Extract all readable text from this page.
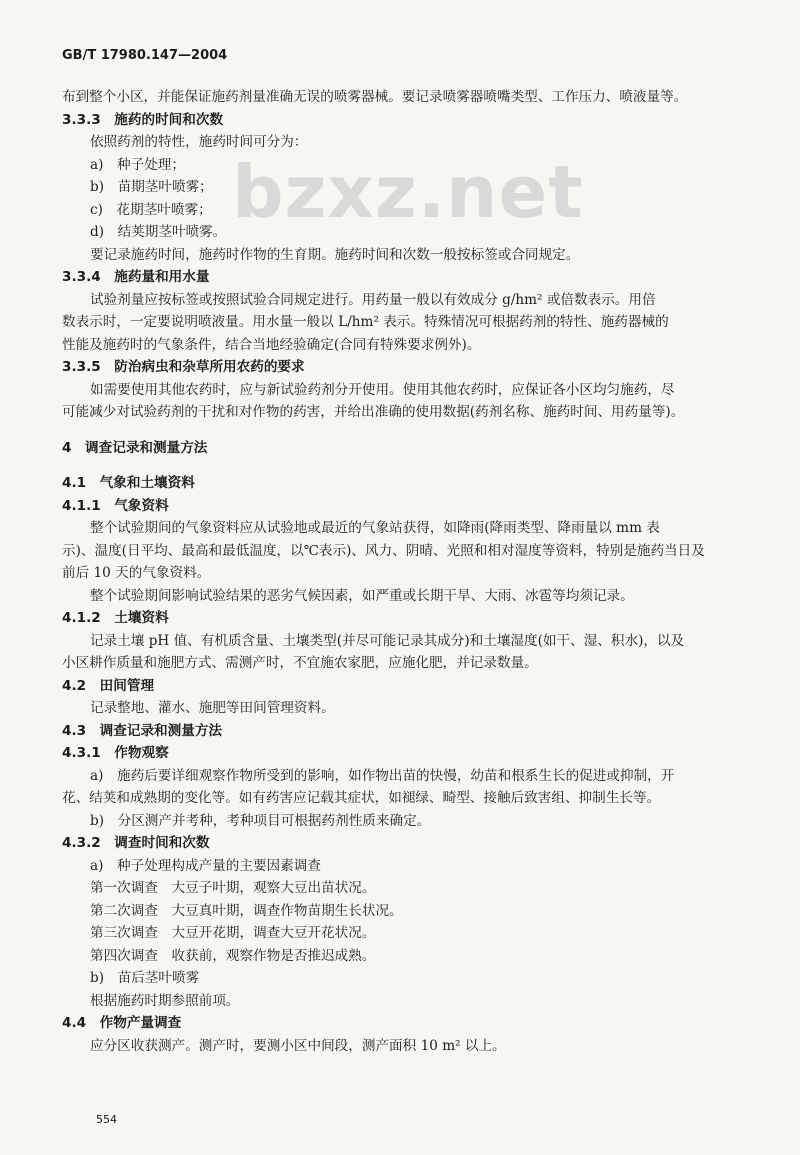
GB/T 17980.147—2004
bzxz.net

布到整个小区，并能保证施药剂量准确无误的喷雾器械。要记录喷雾器喷嘴类型、工作压力、喷液量等。

3.3.3　施药的时间和次数

依照药剂的特性，施药时间可分为：

a)　种子处理；

b)　苗期茎叶喷雾；

c)　花期茎叶喷雾；

d)　结荚期茎叶喷雾。

要记录施药时间，施药时作物的生育期。施药时间和次数一般按标签或合同规定。

3.3.4　施药量和用水量

试验剂量应按标签或按照试验合同规定进行。用药量一般以有效成分 g/hm² 或倍数表示。用倍

数表示时，一定要说明喷液量。用水量一般以 L/hm² 表示。特殊情况可根据药剂的特性、施药器械的

性能及施药时的气象条件，结合当地经验确定(合同有特殊要求例外)。

3.3.5　防治病虫和杂草所用农药的要求

如需要使用其他农药时，应与新试验药剂分开使用。使用其他农药时，应保证各小区均匀施药，尽

可能减少对试验药剂的干扰和对作物的药害，并给出准确的使用数据(药剂名称、施药时间、用药量等)。

4　调查记录和测量方法

4.1　气象和土壤资料

4.1.1　气象资料

整个试验期间的气象资料应从试验地或最近的气象站获得，如降雨(降雨类型、降雨量以 mm 表

示)、温度(日平均、最高和最低温度，以℃表示)、风力、阴晴、光照和相对湿度等资料，特别是施药当日及

前后 10 天的气象资料。

整个试验期间影响试验结果的恶劣气候因素，如严重或长期干旱、大雨、冰雹等均须记录。

4.1.2　土壤资料

记录土壤 pH 值、有机质含量、土壤类型(并尽可能记录其成分)和土壤湿度(如干、湿、积水)，以及

小区耕作质量和施肥方式、需测产时，不宜施农家肥，应施化肥，并记录数量。

4.2　田间管理

记录整地、灌水、施肥等田间管理资料。

4.3　调查记录和测量方法

4.3.1　作物观察

a)　施药后要详细观察作物所受到的影响，如作物出苗的快慢，幼苗和根系生长的促进或抑制，开

花、结荚和成熟期的变化等。如有药害应记载其症状，如褪绿、畸型、接触后致害组、抑制生长等。

b)　分区测产并考种，考种项目可根据药剂性质来确定。

4.3.2　调查时间和次数

a)　种子处理构成产量的主要因素调查

第一次调查　大豆子叶期，观察大豆出苗状况。

第二次调查　大豆真叶期，调查作物苗期生长状况。

第三次调查　大豆开花期，调查大豆开花状况。

第四次调查　收获前，观察作物是否推迟成熟。

b)　苗后茎叶喷雾

根据施药时期参照前项。

4.4　作物产量调查

应分区收获测产。测产时，要测小区中间段，测产面积 10 m² 以上。

554
